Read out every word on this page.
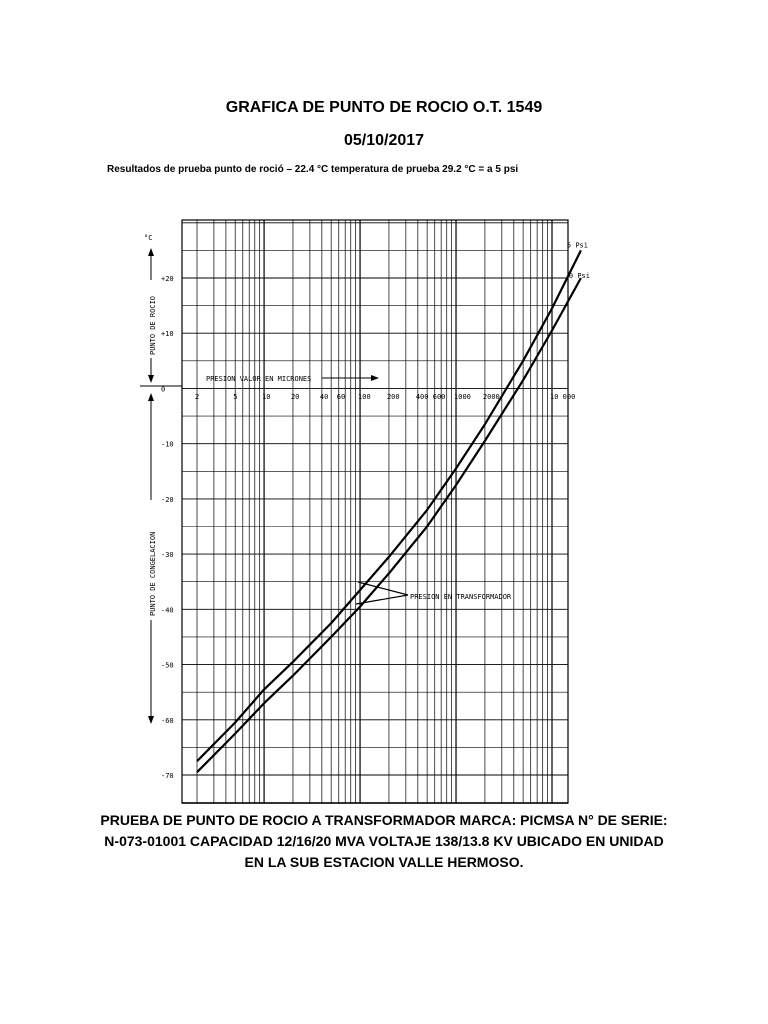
GRAFICA DE PUNTO DE ROCIO O.T. 1549
05/10/2017
Resultados de prueba punto de roció – 22.4 °C temperatura de prueba 29.2 °C = a 5 psi
°C
PUNTO DE ROCIO
PUNTO DE CONGELACION
PRESION VALOR EN MICRONES
+20
+10
0
-10
-20
-30
-40
-50
-60
-70
2	5	10	20	40 60 100 200 400 600 1000 2000	10 000
5 Psi
0 Psi
PRESION EN TRANSFORMADOR
PRUEBA DE PUNTO DE ROCIO A TRANSFORMADOR MARCA: PICMSA N° DE SERIE: N-073-01001 CAPACIDAD 12/16/20 MVA VOLTAJE 138/13.8 KV UBICADO EN UNIDAD EN LA SUB ESTACION VALLE HERMOSO.
